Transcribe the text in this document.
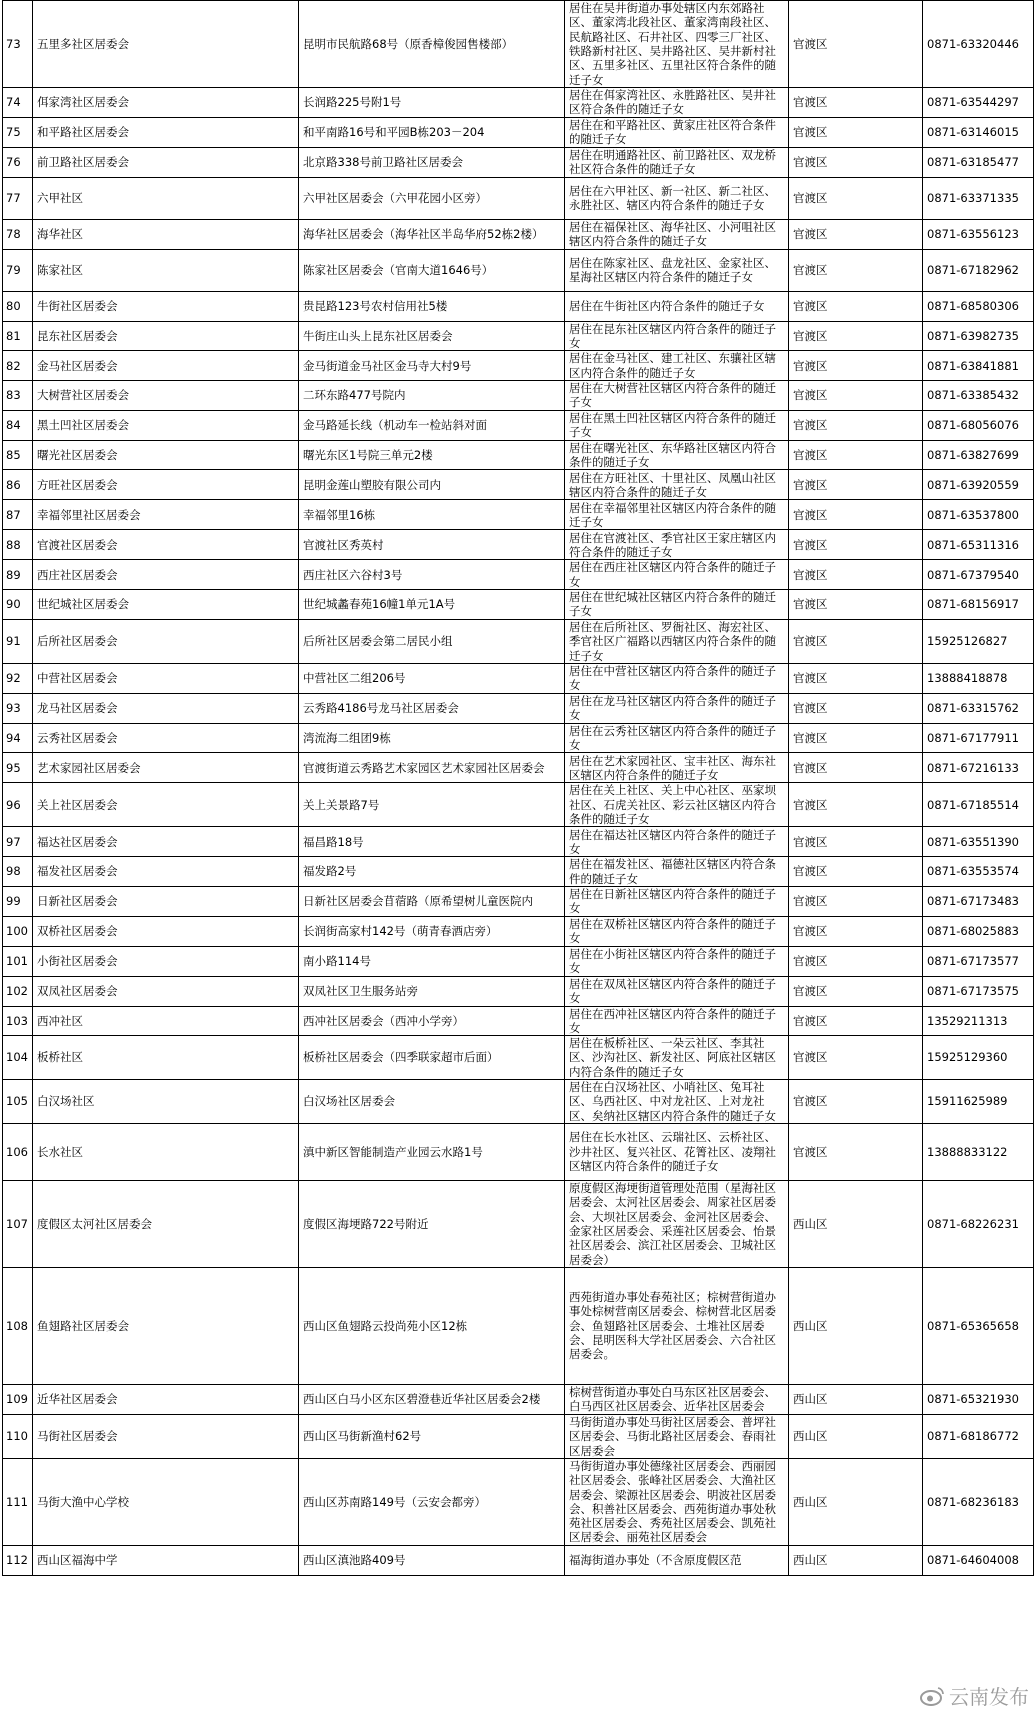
73	五里多社区居委会	昆明市民航路68号（原香樟俊园售楼部）	居住在吴井街道办事处辖区内东郊路社区、董家湾北段社区、董家湾南段社区、民航路社区、石井社区、四零三厂社区、铁路新村社区、吴井路社区、吴井新村社区、五里多社区、五里社区符合条件的随迁子女	官渡区	0871-63320446
74	佴家湾社区居委会	长润路225号附1号	居住在佴家湾社区、永胜路社区、吴井社区符合条件的随迁子女	官渡区	0871-63544297
75	和平路社区居委会	和平南路16号和平园B栋203－204	居住在和平路社区、黄家庄社区符合条件的随迁子女	官渡区	0871-63146015
76	前卫路社区居委会	北京路338号前卫路社区居委会	居住在明通路社区、前卫路社区、双龙桥社区符合条件的随迁子女	官渡区	0871-63185477
77	六甲社区	六甲社区居委会（六甲花园小区旁）	居住在六甲社区、新一社区、新二社区、永胜社区、辖区内符合条件的随迁子女	官渡区	0871-63371335
78	海华社区	海华社区居委会（海华社区半岛华府52栋2楼）	居住在福保社区、海华社区、小河咀社区辖区内符合条件的随迁子女	官渡区	0871-63556123
79	陈家社区	陈家社区居委会（官南大道1646号）	居住在陈家社区、盘龙社区、金家社区、星海社区辖区内符合条件的随迁子女	官渡区	0871-67182962
80	牛街社区居委会	贵昆路123号农村信用社5楼	居住在牛街社区内符合条件的随迁子女	官渡区	0871-68580306
81	昆东社区居委会	牛街庄山头上昆东社区居委会	居住在昆东社区辖区内符合条件的随迁子女	官渡区	0871-63982735
82	金马社区居委会	金马街道金马社区金马寺大村9号	居住在金马社区、建工社区、东骧社区辖区内符合条件的随迁子女	官渡区	0871-63841881
83	大树营社区居委会	二环东路477号院内	居住在大树营社区辖区内符合条件的随迁子女	官渡区	0871-63385432
84	黑土凹社区居委会	金马路延长线（机动车一检站斜对面	居住在黑土凹社区辖区内符合条件的随迁子女	官渡区	0871-68056076
85	曙光社区居委会	曙光东区1号院三单元2楼	居住在曙光社区、东华路社区辖区内符合条件的随迁子女	官渡区	0871-63827699
86	方旺社区居委会	昆明金莲山塑胶有限公司内	居住在方旺社区、十里社区、凤凰山社区辖区内符合条件的随迁子女	官渡区	0871-63920559
87	幸福邻里社区居委会	幸福邻里16栋	居住在幸福邻里社区辖区内符合条件的随迁子女	官渡区	0871-63537800
88	官渡社区居委会	官渡社区秀英村	居住在官渡社区、季官社区王家庄辖区内符合条件的随迁子女	官渡区	0871-65311316
89	西庄社区居委会	西庄社区六谷村3号	居住在西庄社区辖区内符合条件的随迁子女	官渡区	0871-67379540
90	世纪城社区居委会	世纪城蠡春苑16幢1单元1A号	居住在世纪城社区辖区内符合条件的随迁子女	官渡区	0871-68156917
91	后所社区居委会	后所社区居委会第二居民小组	居住在后所社区、罗衙社区、海宏社区、季官社区广福路以西辖区内符合条件的随迁子女	官渡区	15925126827
92	中营社区居委会	中营社区二组206号	居住在中营社区辖区内符合条件的随迁子女	官渡区	13888418878
93	龙马社区居委会	云秀路4186号龙马社区居委会	居住在龙马社区辖区内符合条件的随迁子女	官渡区	0871-63315762
94	云秀社区居委会	湾流海二组团9栋	居住在云秀社区辖区内符合条件的随迁子女	官渡区	0871-67177911
95	艺术家园社区居委会	官渡街道云秀路艺术家园区艺术家园社区居委会	居住在艺术家园社区、宝丰社区、海东社区辖区内符合条件的随迁子女	官渡区	0871-67216133
96	关上社区居委会	关上关景路7号	居住在关上社区、关上中心社区、巫家坝社区、石虎关社区、彩云社区辖区内符合条件的随迁子女	官渡区	0871-67185514
97	福达社区居委会	福昌路18号	居住在福达社区辖区内符合条件的随迁子女	官渡区	0871-63551390
98	福发社区居委会	福发路2号	居住在福发社区、福德社区辖区内符合条件的随迁子女	官渡区	0871-63553574
99	日新社区居委会	日新社区居委会苜蓿路（原希望树儿童医院内	居住在日新社区辖区内符合条件的随迁子女	官渡区	0871-67173483
100	双桥社区居委会	长润街高家村142号（萌青春酒店旁）	居住在双桥社区辖区内符合条件的随迁子女	官渡区	0871-68025883
101	小街社区居委会	南小路114号	居住在小街社区辖区内符合条件的随迁子女	官渡区	0871-67173577
102	双凤社区居委会	双凤社区卫生服务站旁	居住在双凤社区辖区内符合条件的随迁子女	官渡区	0871-67173575
103	西冲社区	西冲社区居委会（西冲小学旁）	居住在西冲社区辖区内符合条件的随迁子女	官渡区	13529211313
104	板桥社区	板桥社区居委会（四季联家超市后面）	居住在板桥社区、一朵云社区、李其社区、沙沟社区、新发社区、阿底社区辖区内符合条件的随迁子女	官渡区	15925129360
105	白汉场社区	白汉场社区居委会	居住在白汉场社区、小哨社区、兔耳社区、乌西社区、中对龙社区、上对龙社区、矣纳社区辖区内符合条件的随迁子女	官渡区	15911625989
106	长水社区	滇中新区智能制造产业园云水路1号	居住在长水社区、云瑞社区、云桥社区、沙井社区、复兴社区、花箐社区、凌翔社区辖区内符合条件的随迁子女	官渡区	13888833122
107	度假区太河社区居委会	度假区海埂路722号附近	原度假区海埂街道管理处范围（星海社区居委会、太河社区居委会、周家社区居委会、大坝社区居委会、金河社区居委会、金家社区居委会、采莲社区居委会、怡景社区居委会、滨江社区居委会、卫城社区居委会）	西山区	0871-68226231
108	鱼翅路社区居委会	西山区鱼翅路云投尚苑小区12栋	西苑街道办事处春苑社区；棕树营街道办事处棕树营南区居委会、棕树营北区居委会、鱼翅路社区居委会、土堆社区居委会、昆明医科大学社区居委会、六合社区居委会。	西山区	0871-65365658
109	近华社区居委会	西山区白马小区东区碧澄巷近华社区居委会2楼	棕树营街道办事处白马东区社区居委会、白马西区社区居委会、近华社区居委会	西山区	0871-65321930
110	马街社区居委会	西山区马街新渔村62号	马街街道办事处马街社区居委会、普坪社区居委会、马街北路社区居委会、春雨社区居委会	西山区	0871-68186772
111	马街大渔中心学校	西山区苏南路149号（云安会都旁）	马街街道办事处德缘社区居委会、西丽园社区居委会、张峰社区居委会、大渔社区居委会、梁源社区居委会、明波社区居委会、积善社区居委会、西苑街道办事处秋苑社区居委会、秀苑社区居委会、凯苑社区居委会、丽苑社区居委会	西山区	0871-68236183
112	西山区福海中学	西山区滇池路409号	福海街道办事处（不含原度假区范	西山区	0871-64604008
云南发布
